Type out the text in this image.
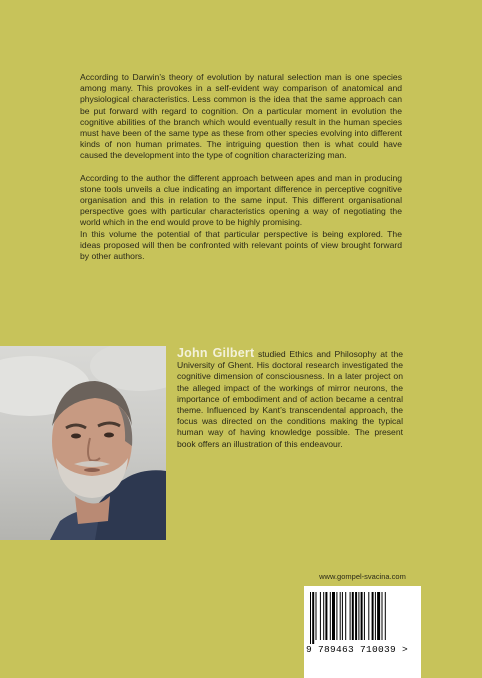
According to Darwin’s theory of evolution by natural selection man is one species among many. This provokes in a self-evident way comparison of anatomical and physiological characteristics. Less common is the idea that the same approach can be put forward with regard to cognition. On a particular moment in evolution the cognitive abilities of the branch which would eventually result in the human species must have been of the same type as these from other species evolving into different kinds of non human primates. The intriguing question then is what could have caused the development into the type of cognition characterizing man.

According to the author the different approach between apes and man in producing stone tools unveils a clue indicating an important difference in perceptive cognitive organisation and this in relation to the same input. This different organisational perspective goes with particular characteristics opening a way of negotiating the world which in the end would prove to be highly promising.

In this volume the potential of that particular perspective is being explored. The ideas proposed will then be confronted with relevant points of view brought forward by other authors.

John Gilbert studied Ethics and Philosophy at the University of Ghent. His doctoral research investigated the cognitive dimension of consciousness. In a later project on the alleged impact of the workings of mirror neurons, the importance of embodiment and of action became a central theme. Influenced by Kant’s transcendental approach, the focus was directed on the conditions making the typical human way of having knowledge possible. The present book offers an illustration of this endeavour.
www.gompel-svacina.com
9 789463 710039 >
